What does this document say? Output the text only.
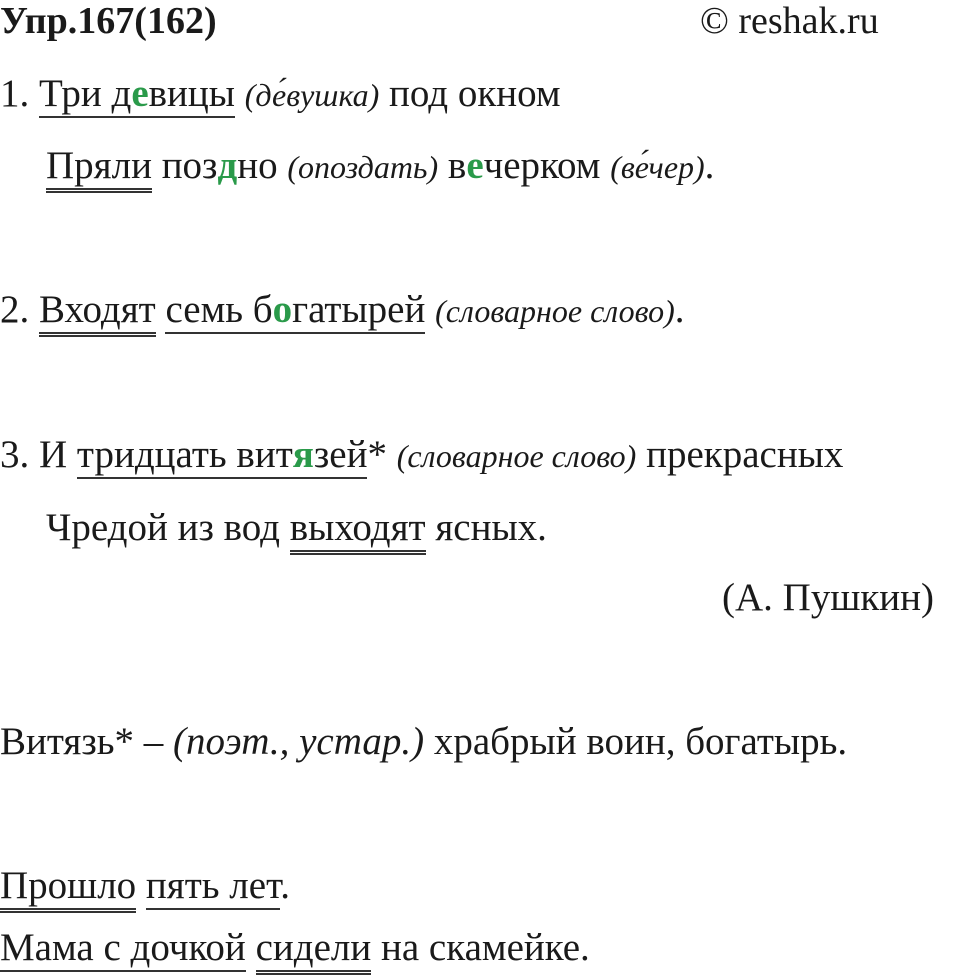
Упр.167(162)	© reshak.ru
1. Три девицы (де́вушка) под окном
Пряли поздно (опоздать) вечерком (ве́чер).
2. Входят семь богатырей (словарное слово).
3. И тридцать витязей* (словарное слово) прекрасных
Чредой из вод выходят ясных.
(А. Пушкин)
Витязь* – (поэт., устар.) храбрый воин, богатырь.
Прошло пять лет.
Мама с дочкой сидели на скамейке.
